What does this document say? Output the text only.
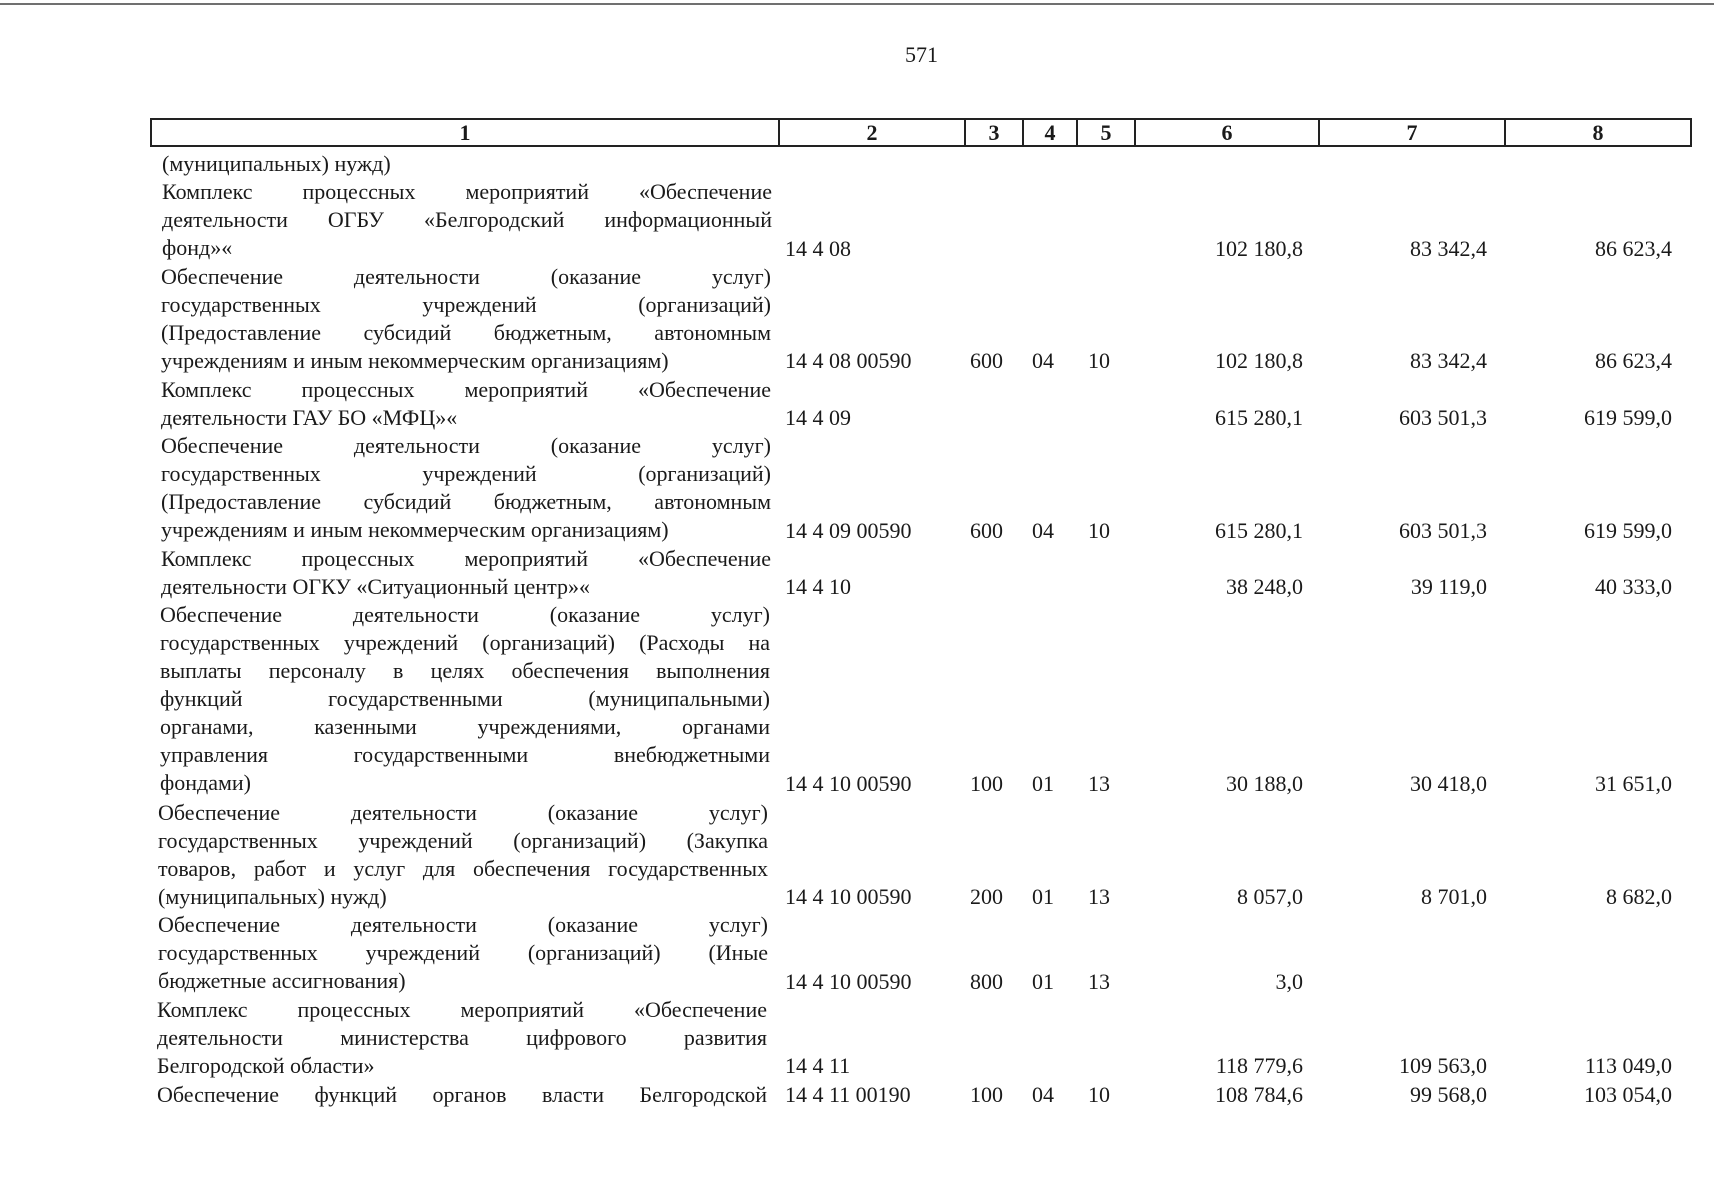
571
1	2	3	4	5	6	7	8
(муниципальных) нужд)
Комплекс процессных мероприятий «Обеспечение
деятельности ОГБУ «Белгородский информационный
фонд»«	14 4 08	102 180,8	83 342,4	86 623,4
Обеспечение деятельности (оказание услуг)
государственных учреждений (организаций)
(Предоставление субсидий бюджетным, автономным
учреждениям и иным некоммерческим организациям)	14 4 08 00590	600 04 10	102 180,8	83 342,4	86 623,4
Комплекс процессных мероприятий «Обеспечение
деятельности ГАУ БО «МФЦ»«	14 4 09	615 280,1	603 501,3	619 599,0
Обеспечение деятельности (оказание услуг)
государственных учреждений (организаций)
(Предоставление субсидий бюджетным, автономным
учреждениям и иным некоммерческим организациям)	14 4 09 00590	600 04 10	615 280,1	603 501,3	619 599,0
Комплекс процессных мероприятий «Обеспечение
деятельности ОГКУ «Ситуационный центр»«	14 4 10	38 248,0	39 119,0	40 333,0
Обеспечение деятельности (оказание услуг)
государственных учреждений (организаций) (Расходы на
выплаты персоналу в целях обеспечения выполнения
функций государственными (муниципальными)
органами, казенными учреждениями, органами
управления государственными внебюджетными
фондами)	14 4 10 00590	100 01 13	30 188,0	30 418,0	31 651,0
Обеспечение деятельности (оказание услуг)
государственных учреждений (организаций) (Закупка
товаров, работ и услуг для обеспечения государственных
(муниципальных) нужд)	14 4 10 00590	200 01 13	8 057,0	8 701,0	8 682,0
Обеспечение деятельности (оказание услуг)
государственных учреждений (организаций) (Иные
бюджетные ассигнования)	14 4 10 00590	800 01 13	3,0
Комплекс процессных мероприятий «Обеспечение
деятельности министерства цифрового развития
Белгородской области»	14 4 11	118 779,6	109 563,0	113 049,0
Обеспечение функций органов власти Белгородской 14 4 11 00190	100 04 10	108 784,6	99 568,0	103 054,0
